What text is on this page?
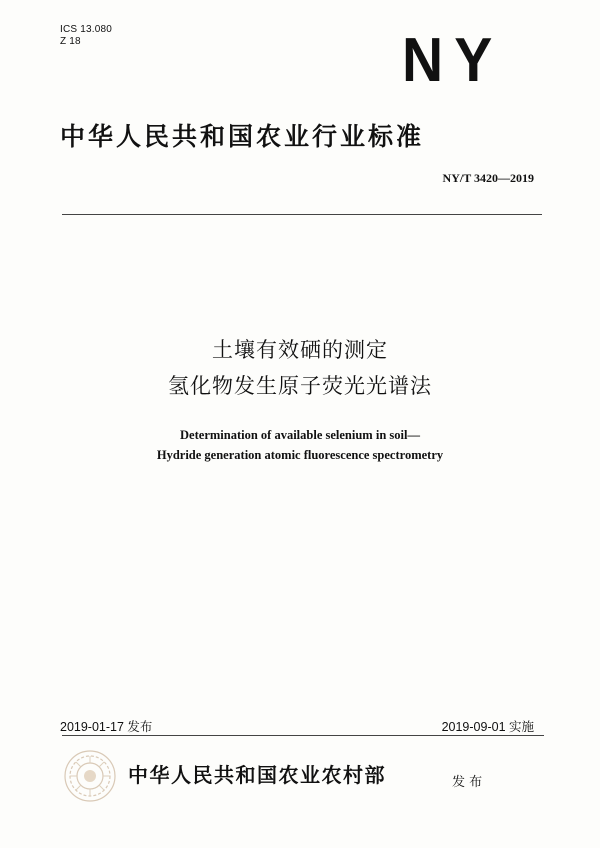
ICS 13.080
Z 18	NY
中华人民共和国农业行业标准
NY/T 3420—2019
土壤有效硒的测定
氢化物发生原子荧光光谱法
Determination of available selenium in soil—
Hydride generation atomic fluorescence spectrometry
2019-01-17 发布	2019-09-01 实施
中华人民共和国农业农村部	发 布
